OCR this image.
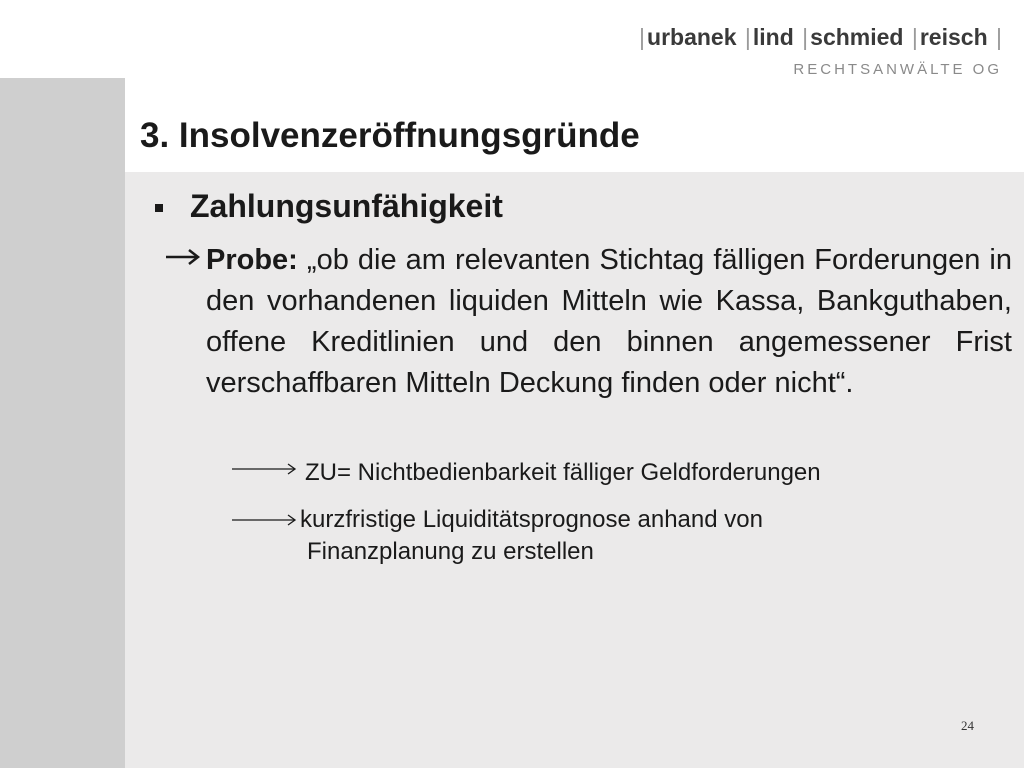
|urbanek |lind |schmied |reisch |
RECHTSANWÄLTE OG
3. Insolvenzeröffnungsgründe
Zahlungsunfähigkeit
Probe: „ob die am relevanten Stichtag fälligen Forderungen in den vorhandenen liquiden Mitteln wie Kassa, Bankguthaben, offene Kreditlinien und den binnen angemessener Frist verschaffbaren Mitteln Deckung finden oder nicht“.
ZU= Nichtbedienbarkeit fälliger Geldforderungen
kurzfristige Liquiditätsprognose anhand von
Finanzplanung zu erstellen
24
